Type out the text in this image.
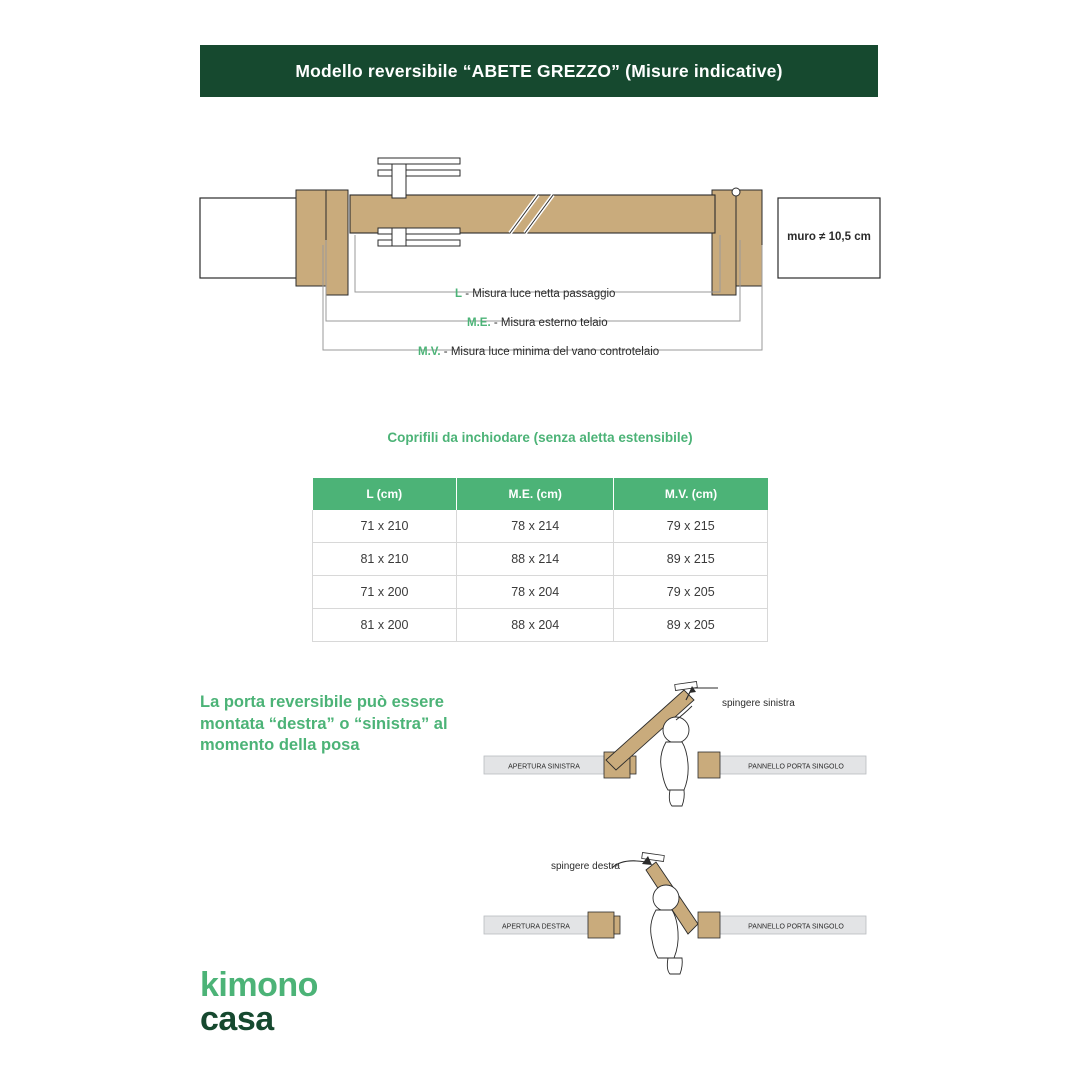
Modello reversibile “ABETE GREZZO” (Misure indicative)
muro ≠ 10,5 cm
L - Misura luce netta passaggio
M.E. - Misura esterno telaio
M.V. - Misura luce minima del vano controtelaio
Coprifili da inchiodare (senza aletta estensibile)
L (cm)	M.E. (cm)	M.V. (cm)
71 x 210	78 x 214	79 x 215
81 x 210	88 x 214	89 x 215
71 x 200	78 x 204	79 x 205
81 x 200	88 x 204	89 x 205
La porta reversibile può essere montata “destra” o “sinistra” al momento della posa
spingere sinistra
spingere destra
APERTURA SINISTRA	PANNELLO PORTA SINGOLO
APERTURA DESTRA	PANNELLO PORTA SINGOLO
kimono
casa
